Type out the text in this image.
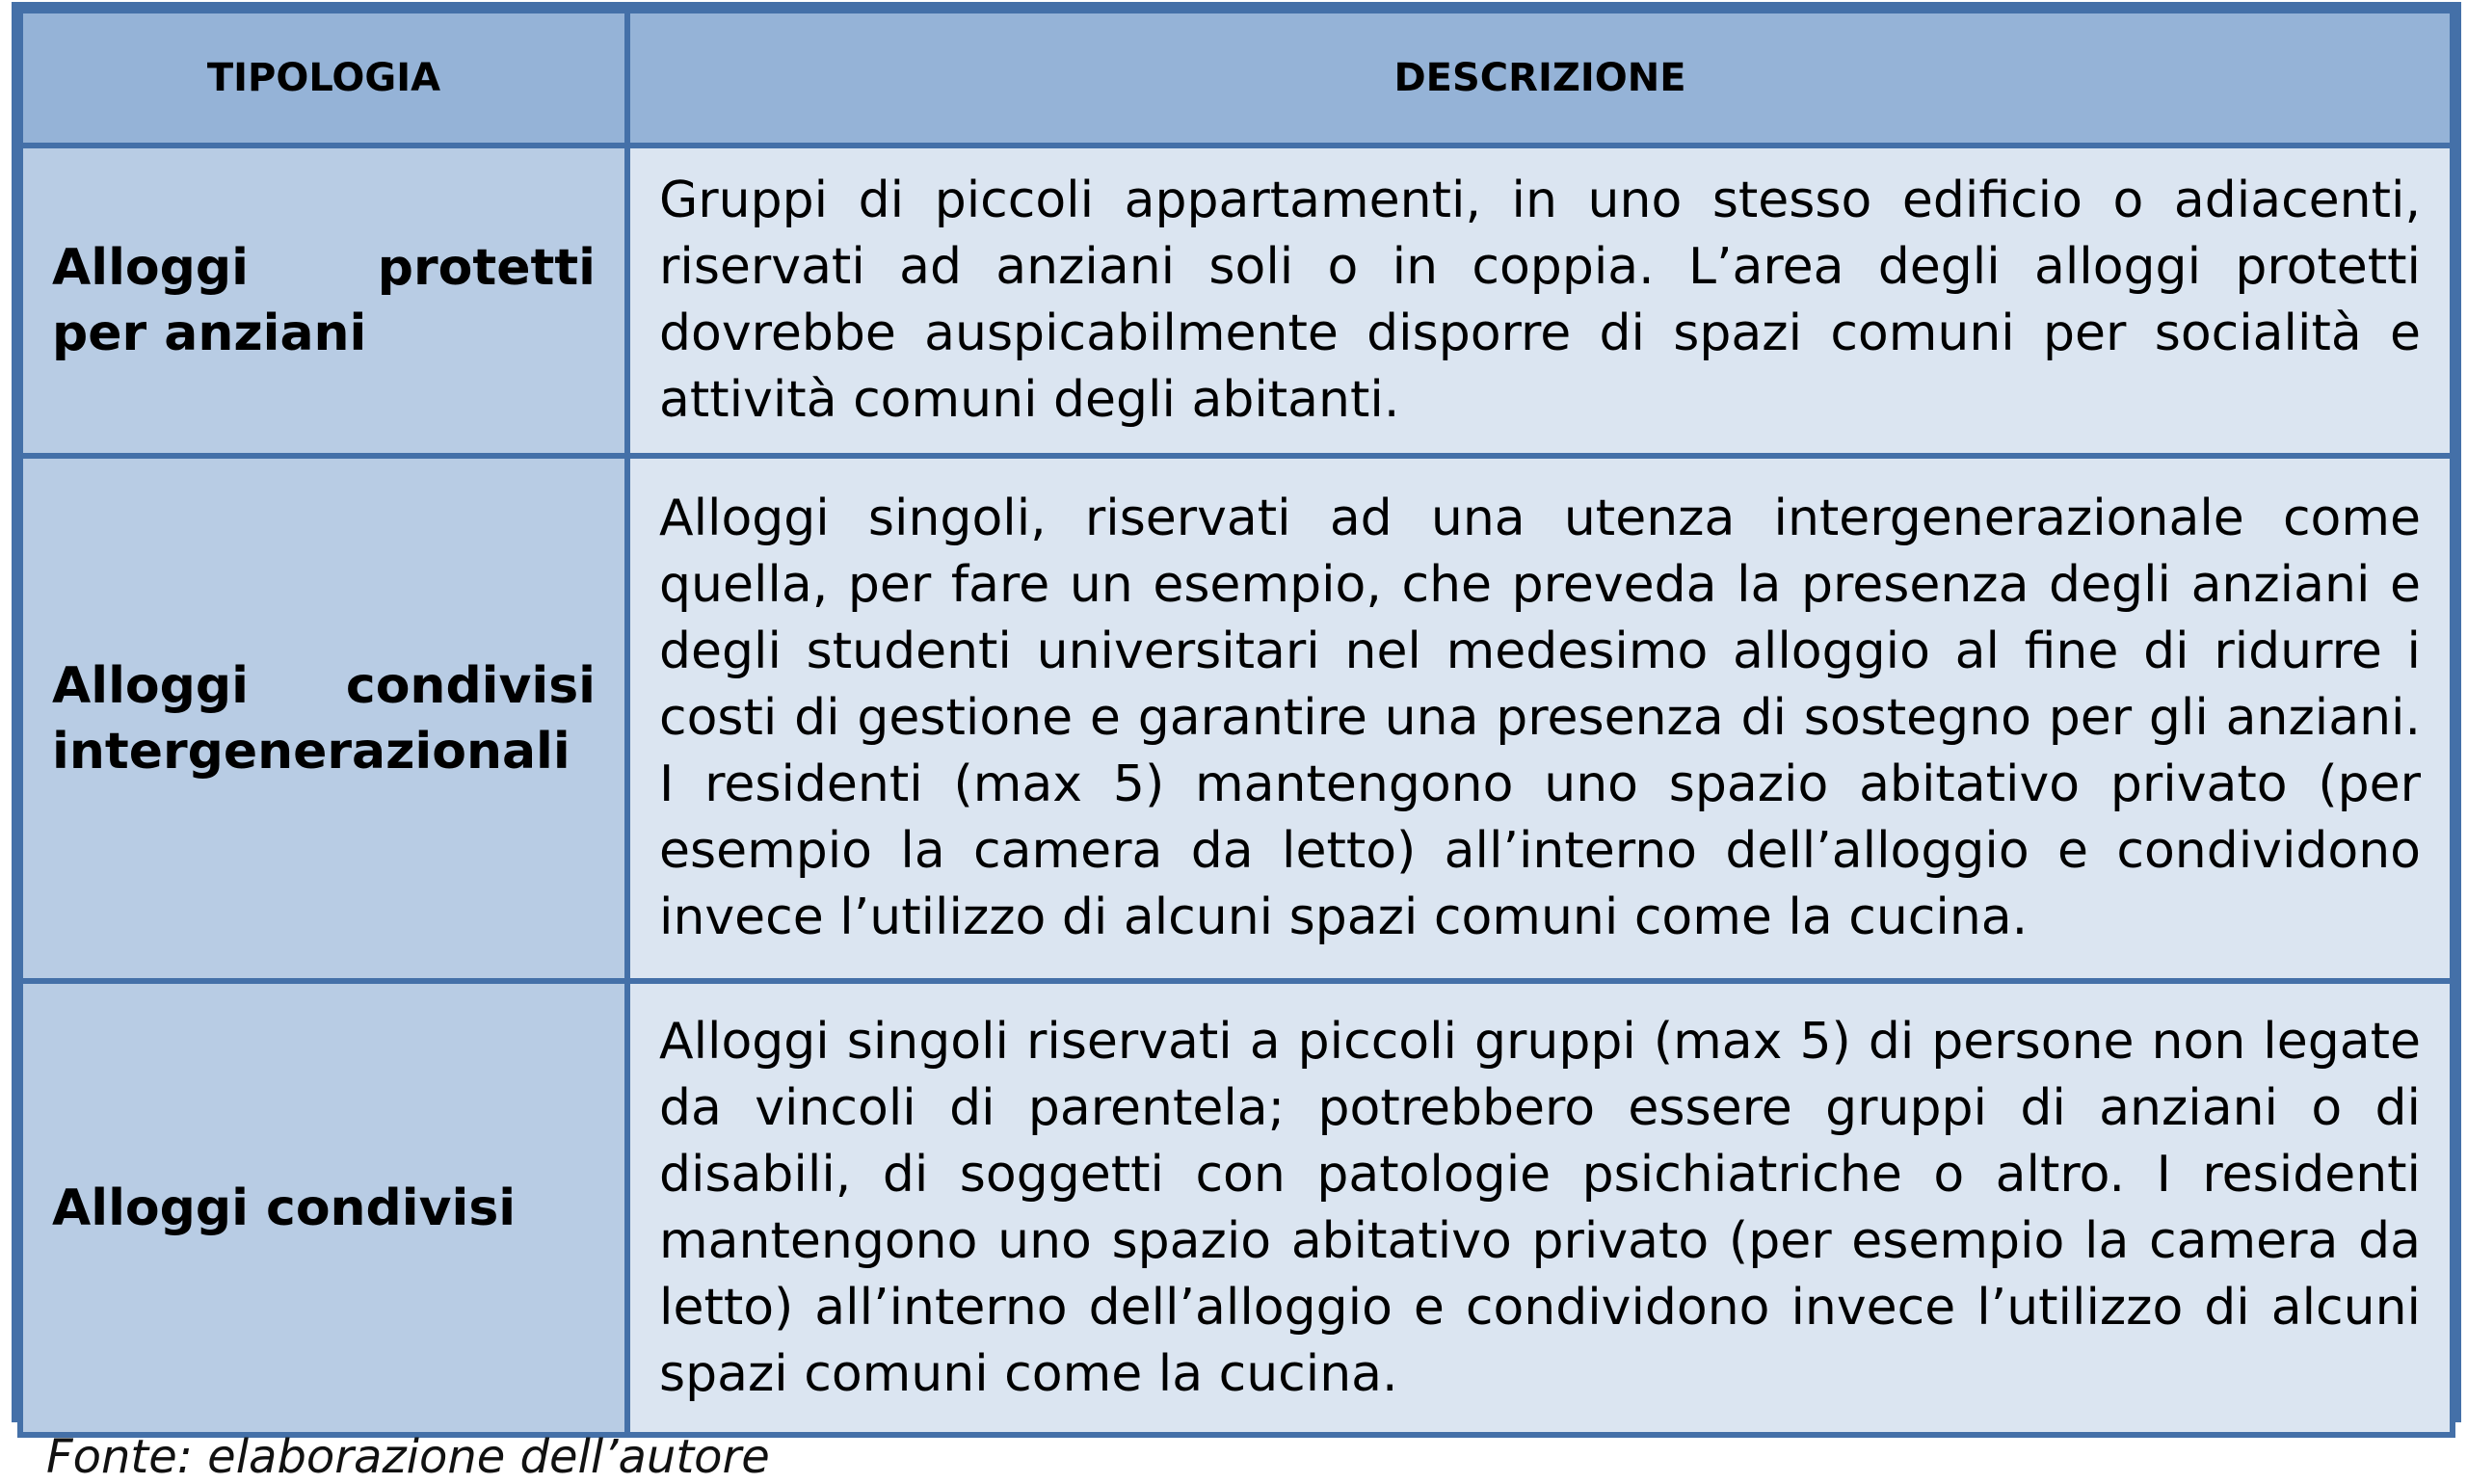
TIPOLOGIA	DESCRIZIONE
Alloggi protetti per anziani	Gruppi di piccoli appartamenti, in uno stesso edificio o adiacenti, riservati ad anziani soli o in coppia. L’area degli alloggi protetti dovrebbe auspicabilmente disporre di spazi comuni per socialità e attività comuni degli abitanti.
Alloggi condivisi intergenerazionali	Alloggi singoli, riservati ad una utenza intergenerazionale come quella, per fare un esempio, che preveda la presenza degli anziani e degli studenti universitari nel medesimo alloggio al fine di ridurre i costi di gestione e garantire una presenza di sostegno per gli anziani. I residenti (max 5) mantengono uno spazio abitativo privato (per esempio la camera da letto) all’interno dell’alloggio e condividono invece l’utilizzo di alcuni spazi comuni come la cucina.
Alloggi condivisi	Alloggi singoli riservati a piccoli gruppi (max 5) di persone non legate da vincoli di parentela; potrebbero essere gruppi di anziani o di disabili, di soggetti con patologie psichiatriche o altro. I residenti mantengono uno spazio abitativo privato (per esempio la camera da letto) all’interno dell’alloggio e condividono invece l’utilizzo di alcuni spazi comuni come la cucina.
Fonte: elaborazione dell’autore
